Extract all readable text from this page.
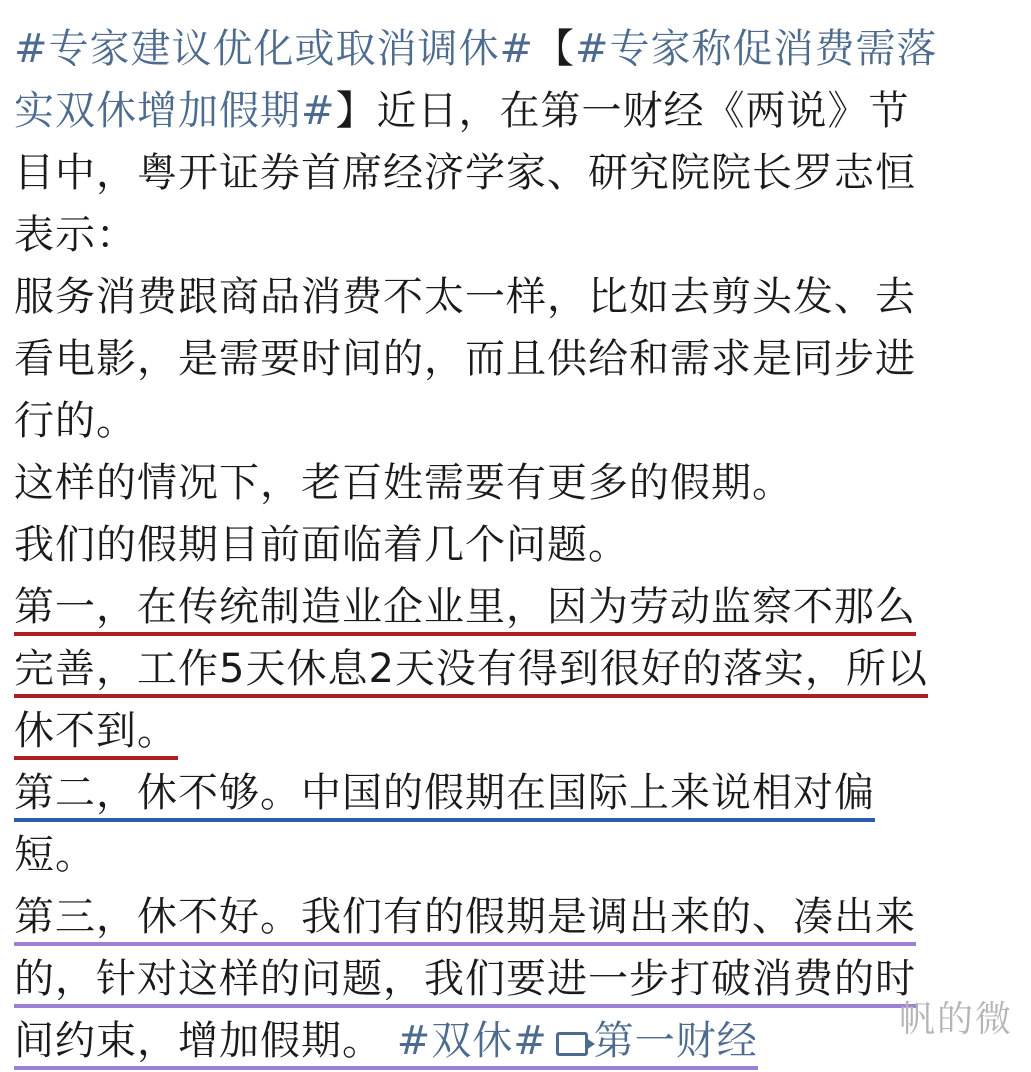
#专家建议优化或取消调休#【#专家称促消费需落
实双休增加假期#】近日，在第一财经《两说》节
目中，粤开证券首席经济学家、研究院院长罗志恒
表示：
服务消费跟商品消费不太一样，比如去剪头发、去
看电影，是需要时间的，而且供给和需求是同步进
行的。
这样的情况下，老百姓需要有更多的假期。
我们的假期目前面临着几个问题。
第一，在传统制造业企业里，因为劳动监察不那么
完善，工作5天休息2天没有得到很好的落实，所以
休不到。
第二，休不够。中国的假期在国际上来说相对偏
短。
第三，休不好。我们有的假期是调出来的、凑出来
的，针对这样的问题，我们要进一步打破消费的时
间约束，增加假期。 #双休# 第一财经	帆的微
